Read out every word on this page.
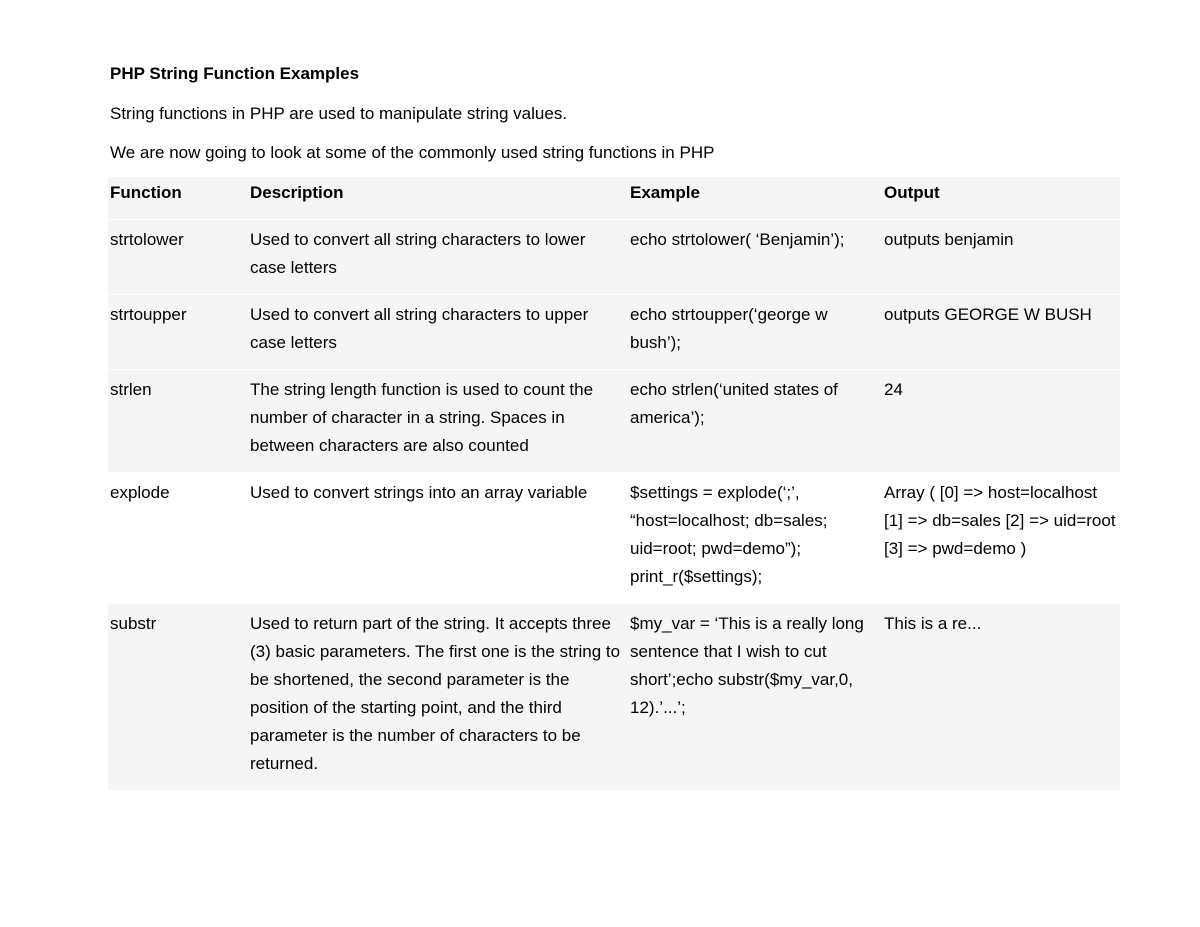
PHP String Function Examples
String functions in PHP are used to manipulate string values.
We are now going to look at some of the commonly used string functions in PHP
Function	Description	Example	Output
strtolower	Used to convert all string characters to lower case letters	echo strtolower( ‘Benjamin’);	outputs benjamin
strtoupper	Used to convert all string characters to upper case letters	echo strtoupper(‘george w bush’);	outputs GEORGE W BUSH
strlen	The string length function is used to count the number of character in a string. Spaces in between characters are also counted	echo strlen(‘united states of america’);	24
explode	Used to convert strings into an array variable	$settings = explode(‘;’, “host=localhost; db=sales; uid=root; pwd=demo”); print_r($settings);	Array ( [0] => host=localhost [1] => db=sales [2] => uid=root [3] => pwd=demo )
substr	Used to return part of the string. It accepts three (3) basic parameters. The first one is the string to be shortened, the second parameter is the position of the starting point, and the third parameter is the number of characters to be returned.	$my_var = ‘This is a really long sentence that I wish to cut short’;echo substr($my_var,0, 12).’...’;	This is a re...
